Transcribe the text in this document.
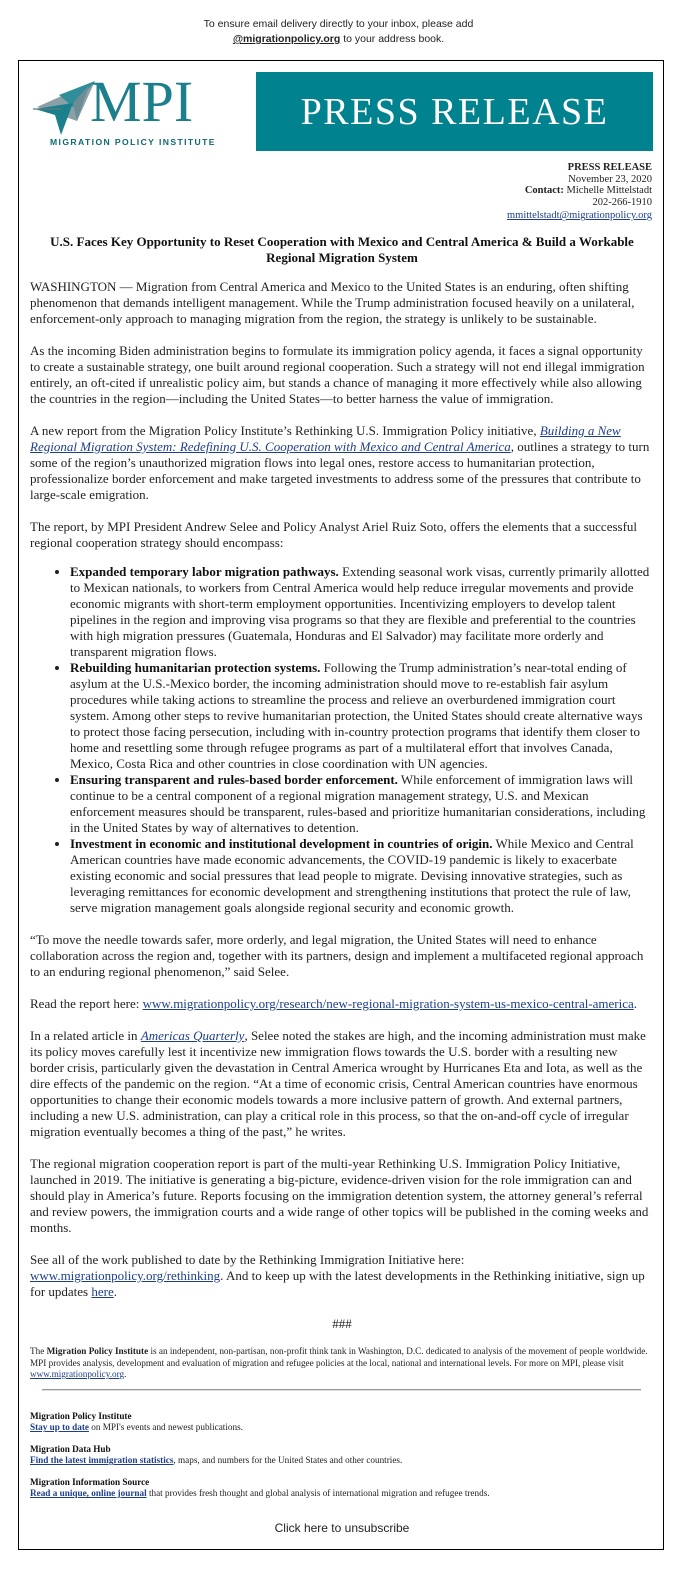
To ensure email delivery directly to your inbox, please add
@migrationpolicy.org to your address book.
MPI
MIGRATION POLICY INSTITUTE
PRESS RELEASE
PRESS RELEASE
November 23, 2020
Contact: Michelle Mittelstadt
202-266-1910
mmittelstadt@migrationpolicy.org
U.S. Faces Key Opportunity to Reset Cooperation with Mexico and Central America & Build a Workable Regional Migration System

WASHINGTON — Migration from Central America and Mexico to the United States is an enduring, often shifting phenomenon that demands intelligent management. While the Trump administration focused heavily on a unilateral, enforcement-only approach to managing migration from the region, the strategy is unlikely to be sustainable.

As the incoming Biden administration begins to formulate its immigration policy agenda, it faces a signal opportunity to create a sustainable strategy, one built around regional cooperation. Such a strategy will not end illegal immigration entirely, an oft-cited if unrealistic policy aim, but stands a chance of managing it more effectively while also allowing the countries in the region—including the United States—to better harness the value of immigration.

A new report from the Migration Policy Institute’s Rethinking U.S. Immigration Policy initiative, Building a New Regional Migration System: Redefining U.S. Cooperation with Mexico and Central America, outlines a strategy to turn some of the region’s unauthorized migration flows into legal ones, restore access to humanitarian protection, professionalize border enforcement and make targeted investments to address some of the pressures that contribute to large-scale emigration.

The report, by MPI President Andrew Selee and Policy Analyst Ariel Ruiz Soto, offers the elements that a successful regional cooperation strategy should encompass:

• Expanded temporary labor migration pathways. Extending seasonal work visas, currently primarily allotted to Mexican nationals, to workers from Central America would help reduce irregular movements and provide economic migrants with short-term employment opportunities. Incentivizing employers to develop talent pipelines in the region and improving visa programs so that they are flexible and preferential to the countries with high migration pressures (Guatemala, Honduras and El Salvador) may facilitate more orderly and transparent migration flows.
• Rebuilding humanitarian protection systems. Following the Trump administration’s near-total ending of asylum at the U.S.-Mexico border, the incoming administration should move to re-establish fair asylum procedures while taking actions to streamline the process and relieve an overburdened immigration court system. Among other steps to revive humanitarian protection, the United States should create alternative ways to protect those facing persecution, including with in-country protection programs that identify them closer to home and resettling some through refugee programs as part of a multilateral effort that involves Canada, Mexico, Costa Rica and other countries in close coordination with UN agencies.
• Ensuring transparent and rules-based border enforcement. While enforcement of immigration laws will continue to be a central component of a regional migration management strategy, U.S. and Mexican enforcement measures should be transparent, rules-based and prioritize humanitarian considerations, including in the United States by way of alternatives to detention.
• Investment in economic and institutional development in countries of origin. While Mexico and Central American countries have made economic advancements, the COVID-19 pandemic is likely to exacerbate existing economic and social pressures that lead people to migrate. Devising innovative strategies, such as leveraging remittances for economic development and strengthening institutions that protect the rule of law, serve migration management goals alongside regional security and economic growth.

“To move the needle towards safer, more orderly, and legal migration, the United States will need to enhance collaboration across the region and, together with its partners, design and implement a multifaceted regional approach to an enduring regional phenomenon,” said Selee.

Read the report here: www.migrationpolicy.org/research/new-regional-migration-system-us-mexico-central-america.

In a related article in Americas Quarterly, Selee noted the stakes are high, and the incoming administration must make its policy moves carefully lest it incentivize new immigration flows towards the U.S. border with a resulting new border crisis, particularly given the devastation in Central America wrought by Hurricanes Eta and Iota, as well as the dire effects of the pandemic on the region. “At a time of economic crisis, Central American countries have enormous opportunities to change their economic models towards a more inclusive pattern of growth. And external partners, including a new U.S. administration, can play a critical role in this process, so that the on-and-off cycle of irregular migration eventually becomes a thing of the past,” he writes.

The regional migration cooperation report is part of the multi-year Rethinking U.S. Immigration Policy Initiative, launched in 2019. The initiative is generating a big-picture, evidence-driven vision for the role immigration can and should play in America’s future. Reports focusing on the immigration detention system, the attorney general’s referral and review powers, the immigration courts and a wide range of other topics will be published in the coming weeks and months.

See all of the work published to date by the Rethinking Immigration Initiative here: www.migrationpolicy.org/rethinking. And to keep up with the latest developments in the Rethinking initiative, sign up for updates here.

###

The Migration Policy Institute is an independent, non-partisan, non-profit think tank in Washington, D.C. dedicated to analysis of the movement of people worldwide. MPI provides analysis, development and evaluation of migration and refugee policies at the local, national and international levels. For more on MPI, please visit www.migrationpolicy.org.

Migration Policy Institute
Stay up to date on MPI's events and newest publications.
Migration Data Hub
Find the latest immigration statistics, maps, and numbers for the United States and other countries.
Migration Information Source
Read a unique, online journal that provides fresh thought and global analysis of international migration and refugee trends.
Click here to unsubscribe
